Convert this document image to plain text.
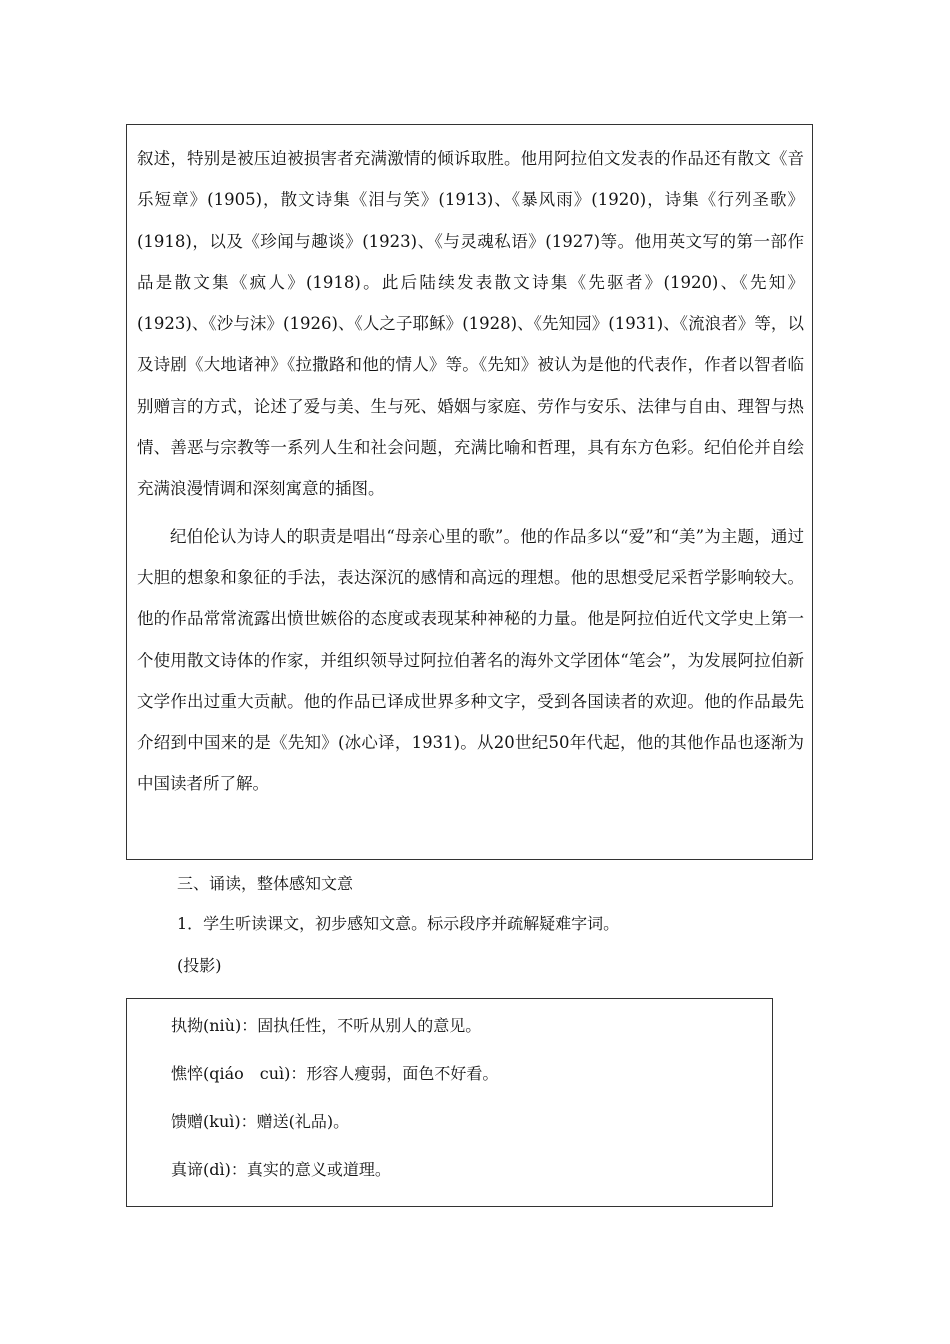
叙述，特别是被压迫被损害者充满激情的倾诉取胜。他用阿拉伯文发表的作品还有散文《音乐短章》(1905)，散文诗集《泪与笑》(1913)、《暴风雨》(1920)，诗集《行列圣歌》(1918)，以及《珍闻与趣谈》(1923)、《与灵魂私语》(1927)等。他用英文写的第一部作品是散文集《疯人》(1918)。此后陆续发表散文诗集《先驱者》(1920)、《先知》(1923)、《沙与沫》(1926)、《人之子耶稣》(1928)、《先知园》(1931)、《流浪者》等，以及诗剧《大地诸神》《拉撒路和他的情人》等。《先知》被认为是他的代表作，作者以智者临别赠言的方式，论述了爱与美、生与死、婚姻与家庭、劳作与安乐、法律与自由、理智与热情、善恶与宗教等一系列人生和社会问题，充满比喻和哲理，具有东方色彩。纪伯伦并自绘充满浪漫情调和深刻寓意的插图。

纪伯伦认为诗人的职责是唱出“母亲心里的歌”。他的作品多以“爱”和“美”为主题，通过大胆的想象和象征的手法，表达深沉的感情和高远的理想。他的思想受尼采哲学影响较大。他的作品常常流露出愤世嫉俗的态度或表现某种神秘的力量。他是阿拉伯近代文学史上第一个使用散文诗体的作家，并组织领导过阿拉伯著名的海外文学团体“笔会”，为发展阿拉伯新文学作出过重大贡献。他的作品已译成世界多种文字，受到各国读者的欢迎。他的作品最先介绍到中国来的是《先知》(冰心译，1931)。从20世纪50年代起，他的其他作品也逐渐为中国读者所了解。

三、诵读，整体感知文意
1．学生听读课文，初步感知文意。标示段序并疏解疑难字词。
(投影)
执拗(niù)：固执任性，不听从别人的意见。
憔悴(qiáo　cuì)：形容人瘦弱，面色不好看。
馈赠(kuì)：赠送(礼品)。
真谛(dì)：真实的意义或道理。
